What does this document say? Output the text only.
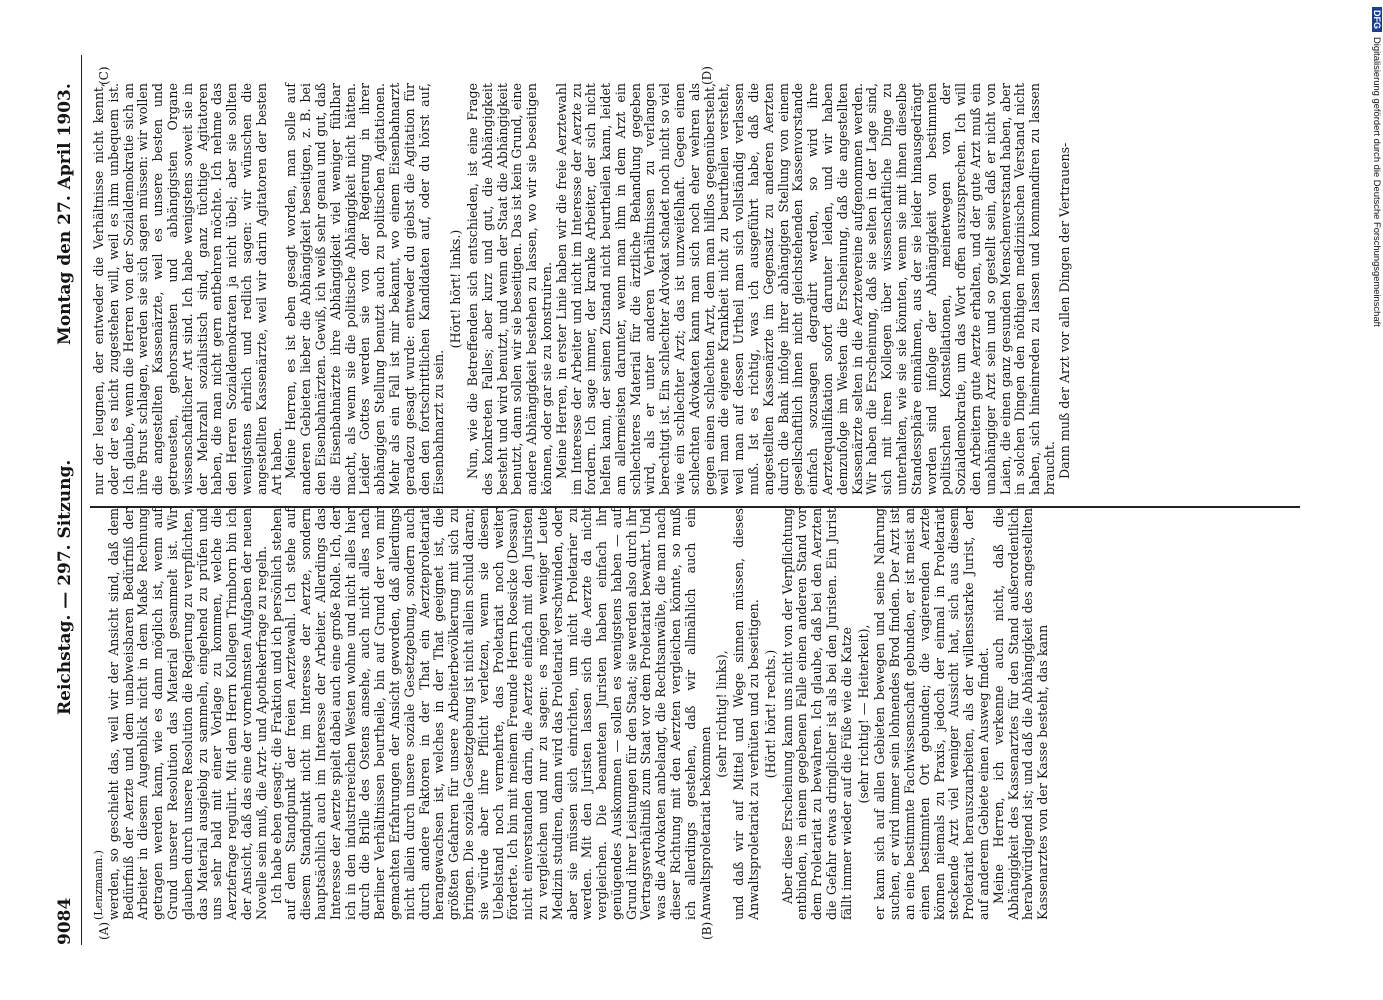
9084
Reichstag. — 297. Sitzung.
Montag den 27. April 1903.
(A)	(B)
(C)	(D)

(Lenzmann.) werden, so geschieht das, weil wir der Ansicht sind, daß dem Bedürfniß der Aerzte und dem unabweisbaren Bedürfniß der Arbeiter in diesem Augenblick nicht in dem Maße Rechnung getragen werden kann, wie es dann möglich ist, wenn auf Grund unserer Resolution das Material gesammelt ist. Wir glauben durch unsere Resolution die Regierung zu verpflichten, das Material ausgiebig zu sammeln, eingehend zu prüfen und uns sehr bald mit einer Vorlage zu kommen, welche die Aerztefrage regulirt. Mit dem Herrn Kollegen Trimborn bin ich der Ansicht, daß das eine der vornehmsten Aufgaben der neuen Novelle sein muß, die Arzt- und Apothekerfrage zu regeln. Ich habe eben gesagt: die Fraktion und ich persönlich stehen auf dem Standpunkt der freien Aerztewahl. Ich stehe auf diesem Standpunkt nicht im Interesse der Aerzte, sondern hauptsächlich auch im Interesse der Arbeiter. Allerdings das Interesse der Aerzte spielt dabei auch eine große Rolle. Ich, der ich in den industriereichen Westen wohne und nicht alles hier durch die Brille des Ostens ansehe, auch nicht alles nach Berliner Verhältnissen beurtheile, bin auf Grund der von mir gemachten Erfahrungen der Ansicht geworden, daß allerdings nicht allein durch unsere soziale Gesetzgebung, sondern auch durch andere Faktoren in der That ein Aerzteproletariat herangewachsen ist, welches in der That geeignet ist, die größten Gefahren für unsere Arbeiterbevölkerung mit sich zu bringen. Die soziale Gesetzgebung ist nicht allein schuld daran; sie würde aber ihre Pflicht verletzen, wenn sie diesen Uebelstand noch vermehrte, das Proletariat noch weiter förderte. Ich bin mit meinem Freunde Herrn Roesicke (Dessau) nicht einverstanden darin, die Aerzte einfach mit den Juristen zu vergleichen und nur zu sagen: es mögen weniger Leute Medizin studiren, dann wird das Proletariat verschwinden, oder aber sie müssen sich einrichten, um nicht Proletarier zu werden. Mit den Juristen lassen sich die Aerzte da nicht vergleichen. Die beamteten Juristen haben einfach ihr genügendes Auskommen — sollen es wenigstens haben — auf Grund ihrer Leistungen für den Staat; sie werden also durch ihr Vertragsverhältniß zum Staat vor dem Proletariat bewahrt. Und was die Advokaten anbelangt, die Rechtsanwälte, die man nach dieser Richtung mit den Aerzten vergleichen könnte, so muß ich allerdings gestehen, daß wir allmählich auch ein Anwaltsproletariat bekommen

(sehr richtig! links), und daß wir auf Mittel und Wege sinnen müssen, dieses Anwaltsproletariat zu verhüten und zu beseitigen. (Hört! hört! rechts.) Aber diese Erscheinung kann uns nicht von der Verpflichtung entbinden, in einem gegebenen Falle einen anderen Stand vor dem Proletariat zu bewahren. Ich glaube, daß bei den Aerzten die Gefahr etwas dringlicher ist als bei den Juristen. Ein Jurist fällt immer wieder auf die Füße wie die Katze (sehr richtig! — Heiterkeit), er kann sich auf allen Gebieten bewegen und seine Nahrung suchen, er wird immer sein lohnendes Brod finden. Der Arzt ist an eine bestimmte Fachwissenschaft gebunden, er ist meist an einen bestimmten Ort gebunden; die vagierenden Aerzte können niemals zu Praxis, jedoch der einmal in Proletariat steckende Arzt viel weniger Aussicht hat, sich aus diesem Proletariat herauszuarbeiten, als der willensstarke Jurist, der auf anderem Gebiete einen Ausweg findet. Meine Herren, ich verkenne auch nicht, daß die Abhängigkeit des Kassenarztes für den Stand außerordentlich herabwürdigend ist; und daß die Abhängigkeit des angestellten Kassenarztes von der Kasse besteht, das kann

nur der leugnen, der entweder die Verhältnisse nicht kennt, oder der es nicht zugestehen will, weil es ihm unbequem ist. Ich glaube, wenn die Herren von der Sozialdemokratie sich an ihre Brust schlagen, werden sie sich sagen müssen: wir wollen die angestellten Kassenärzte, weil es unsere besten und getreuesten, gehorsamsten und abhängigsten Organe wissenschaftlicher Art sind. Ich habe wenigstens soweit sie in der Mehrzahl sozialistisch sind, ganz tüchtige Agitatoren haben, die man nicht gern entbehren möchte. Ich nehme das den Herren Sozialdemokraten ja nicht übel; aber sie sollten wenigstens ehrlich und redlich sagen: wir wünschen die angestellten Kassenärzte, weil wir darin Agitatoren der besten Art haben. Meine Herren, es ist eben gesagt worden, man solle auf anderen Gebieten lieber die Abhängigkeit beseitigen, z. B. bei den Eisenbahnärzten. Gewiß, ich weiß sehr genau und gut, daß die Eisenbahnärzte ihre Abhängigkeit viel weniger fühlbar macht, als wenn sie die politische Abhängigkeit nicht hätten. Leider Gottes werden sie von der Regierung in ihrer abhängigen Stellung benutzt auch zu politischen Agitationen. Mehr als ein Fall ist mir bekannt, wo einem Eisenbahnarzt geradezu gesagt wurde: entweder du giebst die Agitation für den den fortschrittlichen Kandidaten auf, oder du hörst auf, Eisenbahnarzt zu sein.

(Hört! hört! links.) Nun, wie die Betreffenden sich entschieden, ist eine Frage des konkreten Falles; aber kurz und gut, die Abhängigkeit besteht und wird benutzt, und wenn der Staat die Abhängigkeit benutzt, dann sollen wir sie beseitigen. Das ist kein Grund, eine andere Abhängigkeit bestehen zu lassen, wo wir sie beseitigen können, oder gar sie zu konstruiren. Meine Herren, in erster Linie haben wir die freie Aerztewahl im Interesse der Arbeiter und nicht im Interesse der Aerzte zu fordern. Ich sage immer, der kranke Arbeiter, der sich nicht helfen kann, der seinen Zustand nicht beurtheilen kann, leidet am allermeisten darunter, wenn man ihm in dem Arzt ein schlechteres Material für die ärztliche Behandlung gegeben wird, als er unter anderen Verhältnissen zu verlangen berechtigt ist. Ein schlechter Advokat schadet noch nicht so viel wie ein schlechter Arzt; das ist unzweifelhaft. Gegen einen schlechten Advokaten kann man sich noch eher wehren als gegen einen schlechten Arzt, dem man hilflos gegenübersteht, weil man die eigene Krankheit nicht zu beurtheilen versteht, weil man auf dessen Urtheil man sich vollständig verlassen muß. Ist es richtig, was ich ausgeführt habe, daß die angestellten Kassenärzte im Gegensatz zu anderen Aerzten durch die Bank infolge ihrer abhängigen Stellung von einem gesellschaftlich ihnen nicht gleichstehenden Kassenvorstande einfach sozusagen degradirt werden, so wird ihre Aerztequalifikation sofort darunter leiden, und wir haben demzufolge im Westen die Erscheinung, daß die angestellten Kassenärzte selten in die Aerztevereine aufgenommen werden. Wir haben die Erscheinung, daß sie selten in der Lage sind, sich mit ihren Kollegen über wissenschaftliche Dinge zu unterhalten, wie sie sie könnten, wenn sie mit ihnen dieselbe Standessphäre einnähmen, aus der sie leider hinausgedrängt worden sind infolge der Abhängigkeit von bestimmten politischen Konstellationen, meinetwegen von der Sozialdemokratie, um das Wort offen auszusprechen. Ich will den Arbeitern gute Aerzte erhalten, und der gute Arzt muß ein unabhängiger Arzt sein und so gestellt sein, daß er nicht von Laien, die einen ganz gesunden Menschenverstand haben, aber in solchen Dingen den nöthigen medizinischen Verstand nicht haben, sich hineinreden zu lassen und kommandiren zu lassen braucht. Dann muß der Arzt vor allen Dingen der Vertrauens-

DFGDigitalisierung gefördert durch die Deutsche Forschungsgemeinschaft
